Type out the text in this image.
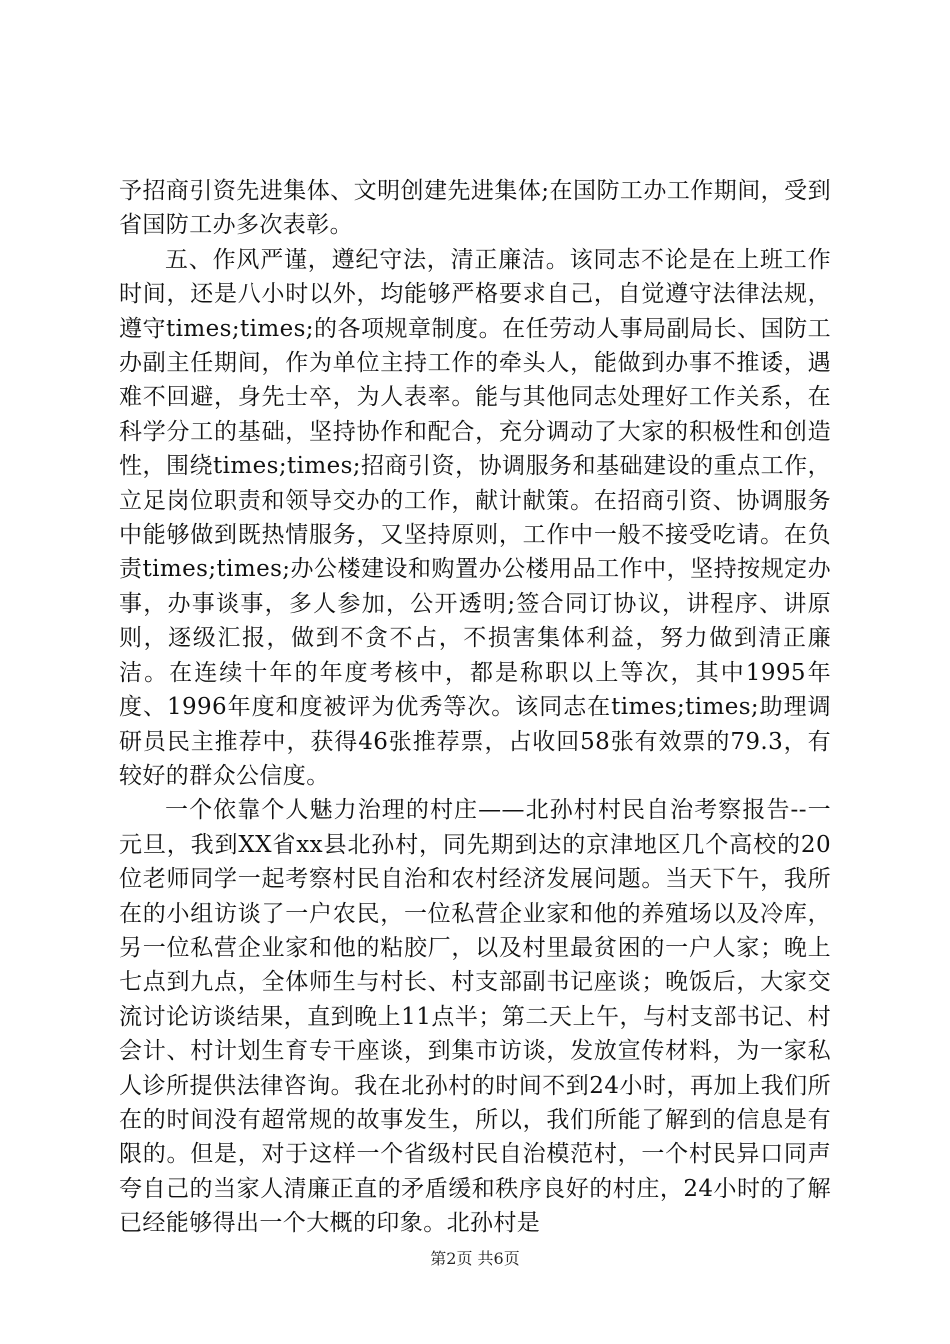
予招商引资先进集体、文明创建先进集体;在国防工办工作期间，受到省国防工办多次表彰。

五、作风严谨，遵纪守法，清正廉洁。该同志不论是在上班工作时间，还是八小时以外，均能够严格要求自己，自觉遵守法律法规，遵守times;times;的各项规章制度。在任劳动人事局副局长、国防工办副主任期间，作为单位主持工作的牵头人，能做到办事不推诿，遇难不回避，身先士卒，为人表率。能与其他同志处理好工作关系，在科学分工的基础，坚持协作和配合，充分调动了大家的积极性和创造性，围绕times;times;招商引资，协调服务和基础建设的重点工作，立足岗位职责和领导交办的工作，献计献策。在招商引资、协调服务中能够做到既热情服务，又坚持原则，工作中一般不接受吃请。在负责times;times;办公楼建设和购置办公楼用品工作中，坚持按规定办事，办事谈事，多人参加，公开透明;签合同订协议，讲程序、讲原则，逐级汇报，做到不贪不占，不损害集体利益，努力做到清正廉洁。在连续十年的年度考核中，都是称职以上等次，其中1995年度、1996年度和度被评为优秀等次。该同志在times;times;助理调研员民主推荐中，获得46张推荐票，占收回58张有效票的79.3，有较好的群众公信度。

一个依靠个人魅力治理的村庄——北孙村村民自治考察报告--一元旦，我到XX省xx县北孙村，同先期到达的京津地区几个高校的20位老师同学一起考察村民自治和农村经济发展问题。当天下午，我所在的小组访谈了一户农民，一位私营企业家和他的养殖场以及冷库，另一位私营企业家和他的粘胶厂，以及村里最贫困的一户人家；晚上七点到九点，全体师生与村长、村支部副书记座谈；晚饭后，大家交流讨论访谈结果，直到晚上11点半；第二天上午，与村支部书记、村会计、村计划生育专干座谈，到集市访谈，发放宣传材料，为一家私人诊所提供法律咨询。我在北孙村的时间不到24小时，再加上我们所在的时间没有超常规的故事发生，所以，我们所能了解到的信息是有限的。但是，对于这样一个省级村民自治模范村，一个村民异口同声夸自己的当家人清廉正直的矛盾缓和秩序良好的村庄，24小时的了解已经能够得出一个大概的印象。北孙村是

第2页 共6页
